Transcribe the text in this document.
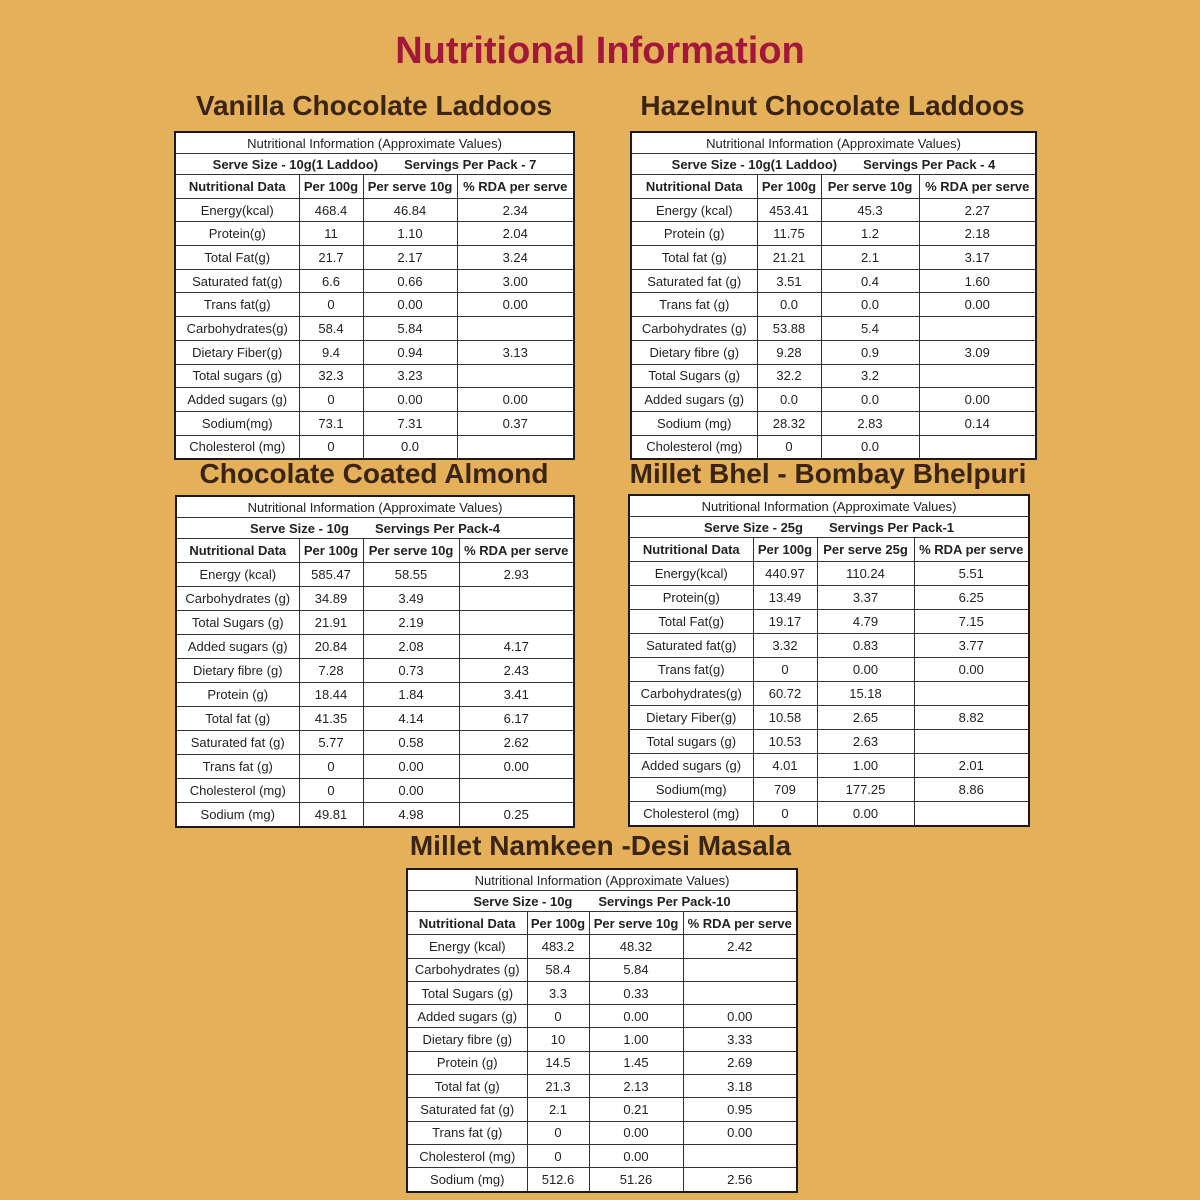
Nutritional Information
Vanilla Chocolate Laddoos
Nutritional Information (Approximate Values)			
Serve Size - 10g(1 Laddoo) Servings Per Pack - 7			
Nutritional Data	Per 100g	Per serve 10g	% RDA per serve
Energy(kcal)	468.4	46.84	2.34
Protein(g)	11	1.10	2.04
Total Fat(g)	21.7	2.17	3.24
Saturated fat(g)	6.6	0.66	3.00
Trans fat(g)	0	0.00	0.00
Carbohydrates(g)	58.4	5.84	
Dietary Fiber(g)	9.4	0.94	3.13
Total sugars (g)	32.3	3.23	
Added sugars (g)	0	0.00	0.00
Sodium(mg)	73.1	7.31	0.37
Cholesterol (mg)	0	0.0	
Hazelnut Chocolate Laddoos
Nutritional Information (Approximate Values)			
Serve Size - 10g(1 Laddoo) Servings Per Pack - 4			
Nutritional Data	Per 100g	Per serve 10g	% RDA per serve
Energy (kcal)	453.41	45.3	2.27
Protein (g)	11.75	1.2	2.18
Total fat (g)	21.21	2.1	3.17
Saturated fat (g)	3.51	0.4	1.60
Trans fat (g)	0.0	0.0	0.00
Carbohydrates (g)	53.88	5.4	
Dietary fibre (g)	9.28	0.9	3.09
Total Sugars (g)	32.2	3.2	
Added sugars (g)	0.0	0.0	0.00
Sodium (mg)	28.32	2.83	0.14
Cholesterol (mg)	0	0.0	
Chocolate Coated Almond
Nutritional Information (Approximate Values)			
Serve Size - 10g Servings Per Pack-4			
Nutritional Data	Per 100g	Per serve 10g	% RDA per serve
Energy (kcal)	585.47	58.55	2.93
Carbohydrates (g)	34.89	3.49	
Total Sugars (g)	21.91	2.19	
Added sugars (g)	20.84	2.08	4.17
Dietary fibre (g)	7.28	0.73	2.43
Protein (g)	18.44	1.84	3.41
Total fat (g)	41.35	4.14	6.17
Saturated fat (g)	5.77	0.58	2.62
Trans fat (g)	0	0.00	0.00
Cholesterol (mg)	0	0.00	
Sodium (mg)	49.81	4.98	0.25
Millet Bhel - Bombay Bhelpuri
Nutritional Information (Approximate Values)			
Serve Size - 25g Servings Per Pack-1			
Nutritional Data	Per 100g	Per serve 25g	% RDA per serve
Energy(kcal)	440.97	110.24	5.51
Protein(g)	13.49	3.37	6.25
Total Fat(g)	19.17	4.79	7.15
Saturated fat(g)	3.32	0.83	3.77
Trans fat(g)	0	0.00	0.00
Carbohydrates(g)	60.72	15.18	
Dietary Fiber(g)	10.58	2.65	8.82
Total sugars (g)	10.53	2.63	
Added sugars (g)	4.01	1.00	2.01
Sodium(mg)	709	177.25	8.86
Cholesterol (mg)	0	0.00	
Millet Namkeen -Desi Masala
Nutritional Information (Approximate Values)			
Serve Size - 10g Servings Per Pack-10			
Nutritional Data	Per 100g	Per serve 10g	% RDA per serve
Energy (kcal)	483.2	48.32	2.42
Carbohydrates (g)	58.4	5.84	
Total Sugars (g)	3.3	0.33	
Added sugars (g)	0	0.00	0.00
Dietary fibre (g)	10	1.00	3.33
Protein (g)	14.5	1.45	2.69
Total fat (g)	21.3	2.13	3.18
Saturated fat (g)	2.1	0.21	0.95
Trans fat (g)	0	0.00	0.00
Cholesterol (mg)	0	0.00	
Sodium (mg)	512.6	51.26	2.56
